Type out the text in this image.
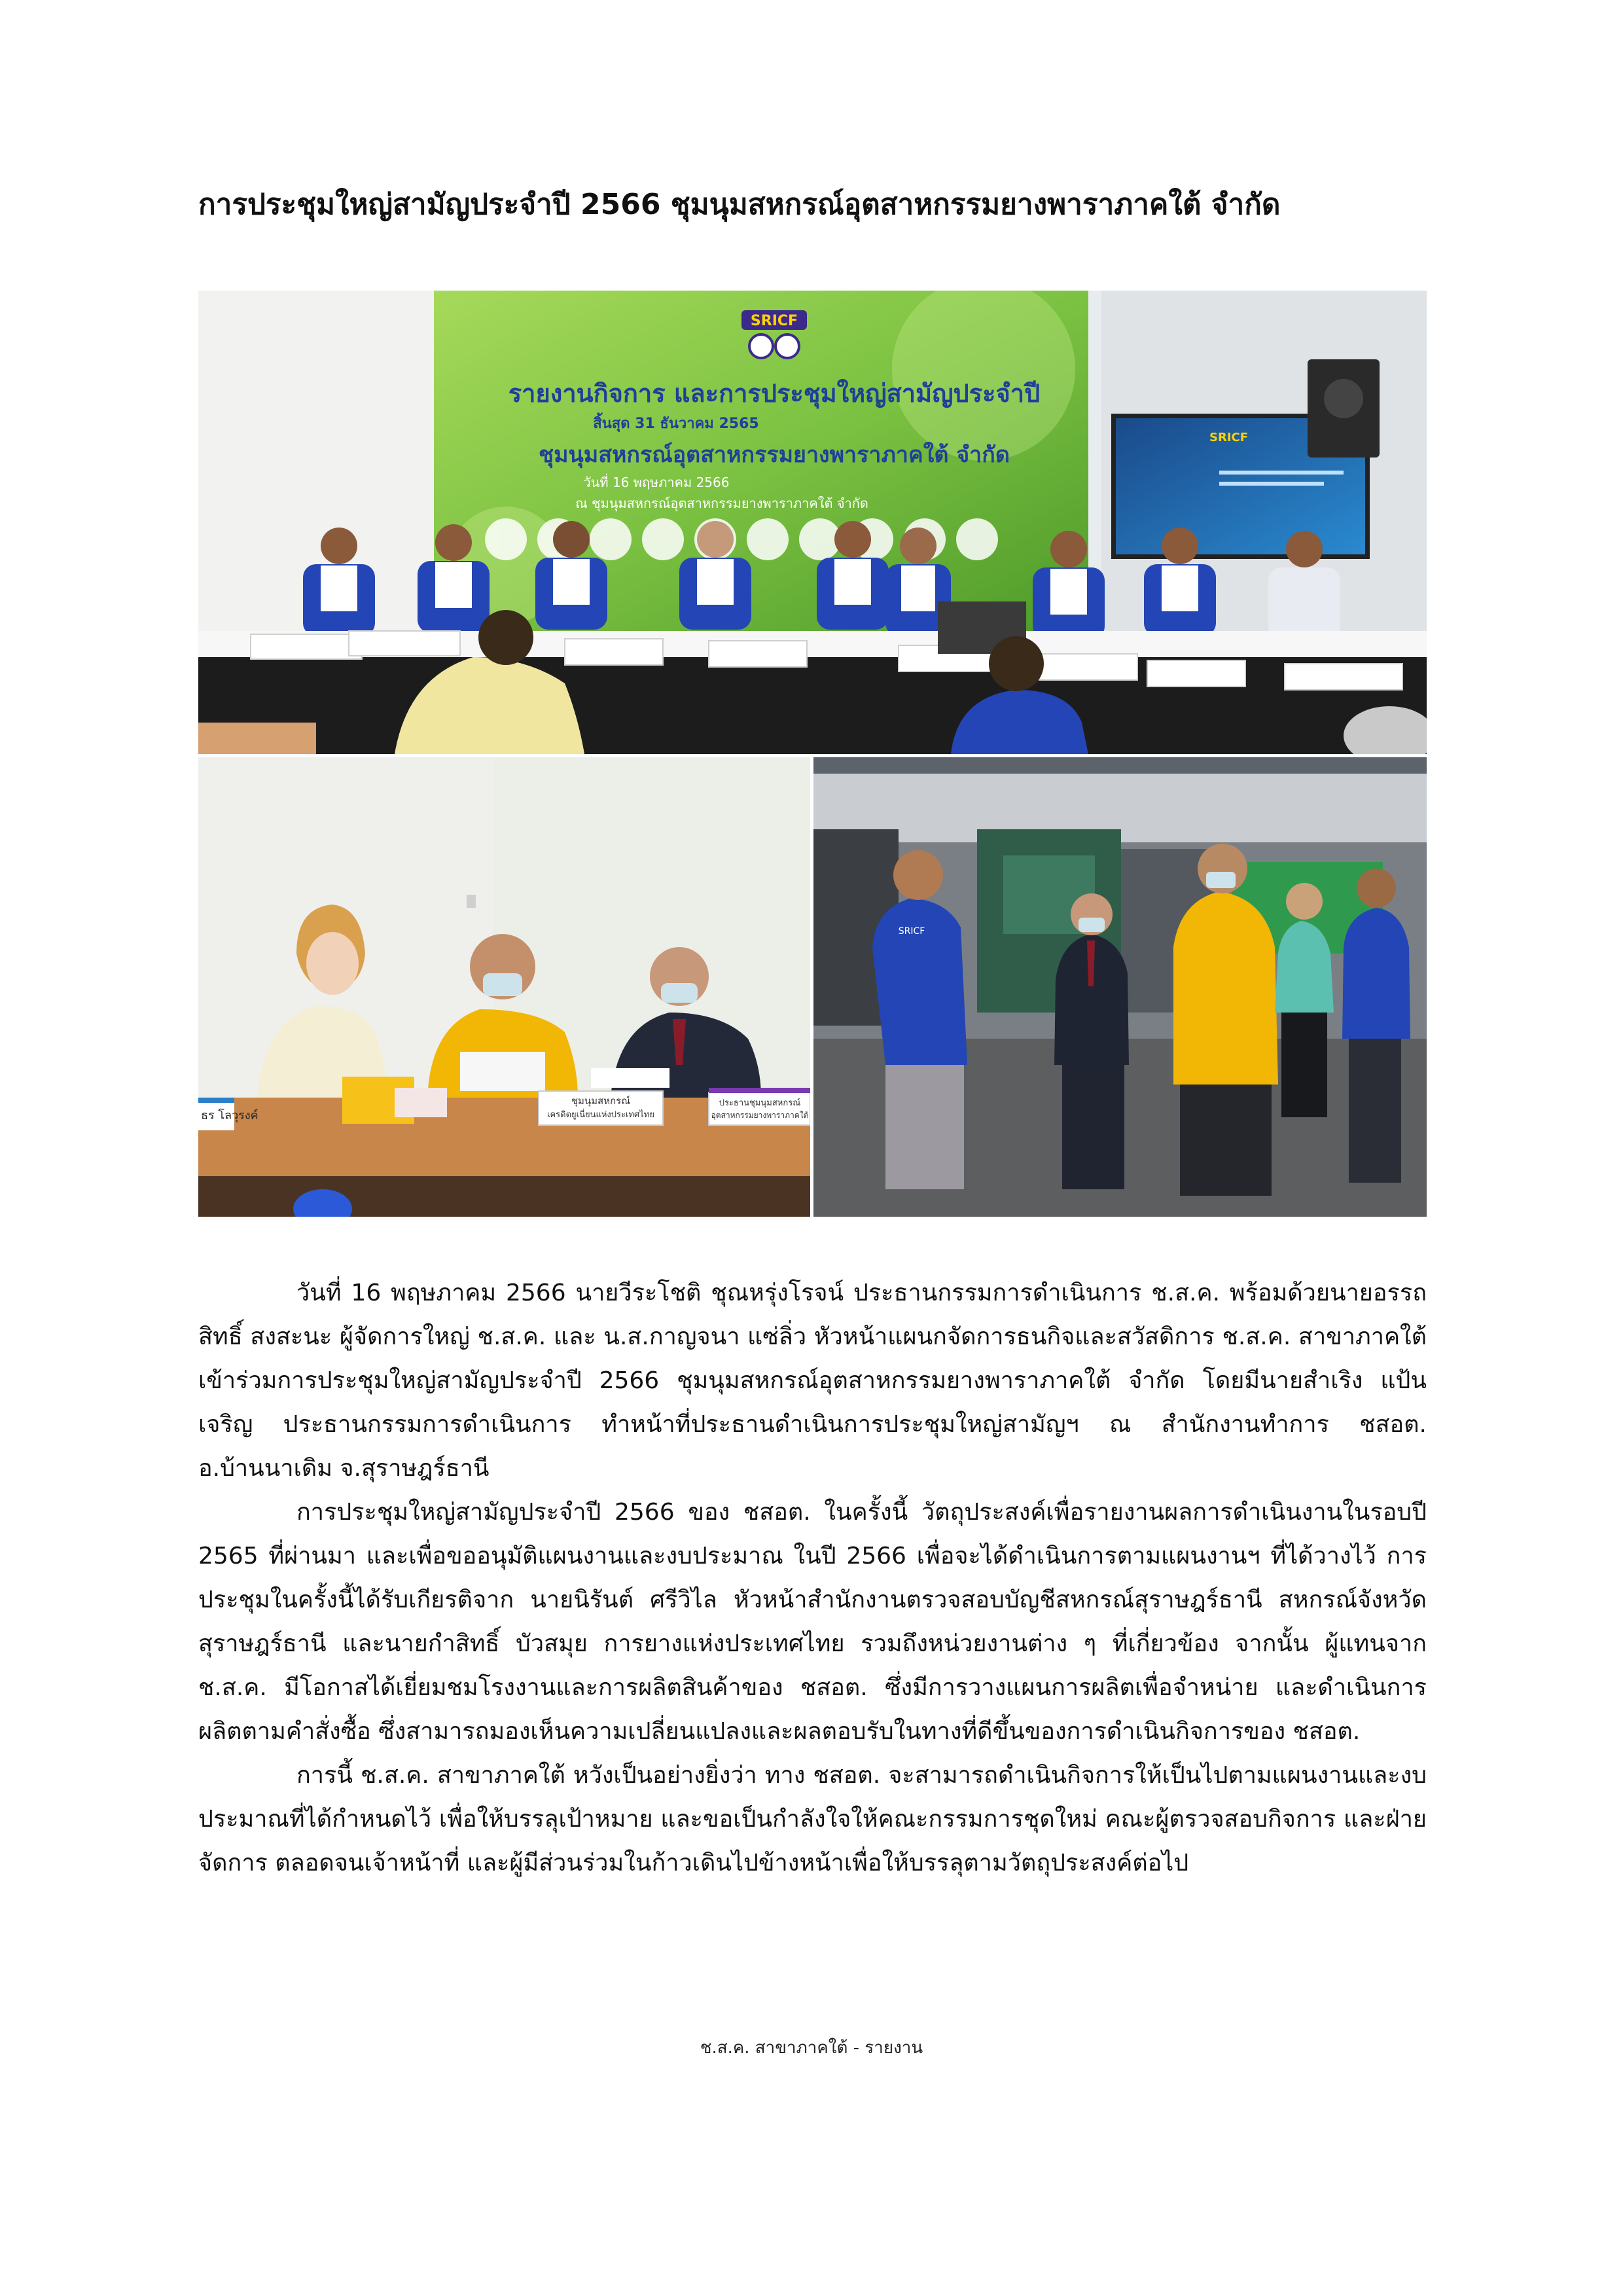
การประชุมใหญ่สามัญประจำปี 2566 ชุมนุมสหกรณ์อุตสาหกรรมยางพาราภาคใต้ จำกัด
SRICF
รายงานกิจการ และการประชุมใหญ่สามัญประจำปี
สิ้นสุด 31 ธันวาคม 2565
ชุมนุมสหกรณ์อุตสาหกรรมยางพาราภาคใต้ จำกัด
วันที่ 16 พฤษภาคม 2566
ณ ชุมนุมสหกรณ์อุตสาหกรรมยางพาราภาคใต้ จำกัด
SRICF
ธร โลวุรงค์
ชุมนุมสหกรณ์
เครดิตยูเนี่ยนแห่งประเทศไทย
ประธานชุมนุมสหกรณ์
อุตสาหกรรมยางพาราภาคใต้
SRICF

วันที่ 16 พฤษภาคม 2566 นายวีระโชติ ชุณหรุ่งโรจน์ ประธานกรรมการดำเนินการ ช.ส.ค. พร้อมด้วยนายอรรถสิทธิ์ สงสะนะ ผู้จัดการใหญ่ ช.ส.ค. และ น.ส.กาญจนา แซ่ลิ่ว หัวหน้าแผนกจัดการธนกิจและสวัสดิการ ช.ส.ค. สาขาภาคใต้ เข้าร่วมการประชุมใหญ่สามัญประจำปี 2566 ชุมนุมสหกรณ์อุตสาหกรรมยางพาราภาคใต้ จำกัด โดยมีนายสำเริง แป้นเจริญ ประธานกรรมการดำเนินการ ทำหน้าที่ประธานดำเนินการประชุมใหญ่สามัญฯ ณ สำนักงานทำการ ชสอต. อ.บ้านนาเดิม จ.สุราษฎร์ธานี

การประชุมใหญ่สามัญประจำปี 2566 ของ ชสอต. ในครั้งนี้ วัตถุประสงค์เพื่อรายงานผลการดำเนินงานในรอบปี 2565 ที่ผ่านมา และเพื่อขออนุมัติแผนงานและงบประมาณ ในปี 2566 เพื่อจะได้ดำเนินการตามแผนงานฯ ที่ได้วางไว้ การประชุมในครั้งนี้ได้รับเกียรติจาก นายนิรันต์ ศรีวิไล หัวหน้าสำนักงานตรวจสอบบัญชีสหกรณ์สุราษฎร์ธานี สหกรณ์จังหวัดสุราษฎร์ธานี และนายกำสิทธิ์ บัวสมุย การยางแห่งประเทศไทย รวมถึงหน่วยงานต่าง ๆ ที่เกี่ยวข้อง จากนั้น ผู้แทนจาก ช.ส.ค. มีโอกาสได้เยี่ยมชมโรงงานและการผลิตสินค้าของ ชสอต. ซึ่งมีการวางแผนการผลิตเพื่อจำหน่าย และดำเนินการผลิตตามคำสั่งซื้อ ซึ่งสามารถมองเห็นความเปลี่ยนแปลงและผลตอบรับในทางที่ดีขึ้นของการดำเนินกิจการของ ชสอต.

การนี้ ช.ส.ค. สาขาภาคใต้ หวังเป็นอย่างยิ่งว่า ทาง ชสอต. จะสามารถดำเนินกิจการให้เป็นไปตามแผนงานและงบประมาณที่ได้กำหนดไว้ เพื่อให้บรรลุเป้าหมาย และขอเป็นกำลังใจให้คณะกรรมการชุดใหม่ คณะผู้ตรวจสอบกิจการ และฝ่ายจัดการ ตลอดจนเจ้าหน้าที่ และผู้มีส่วนร่วมในก้าวเดินไปข้างหน้าเพื่อให้บรรลุตามวัตถุประสงค์ต่อไป

ช.ส.ค. สาขาภาคใต้ - รายงาน
